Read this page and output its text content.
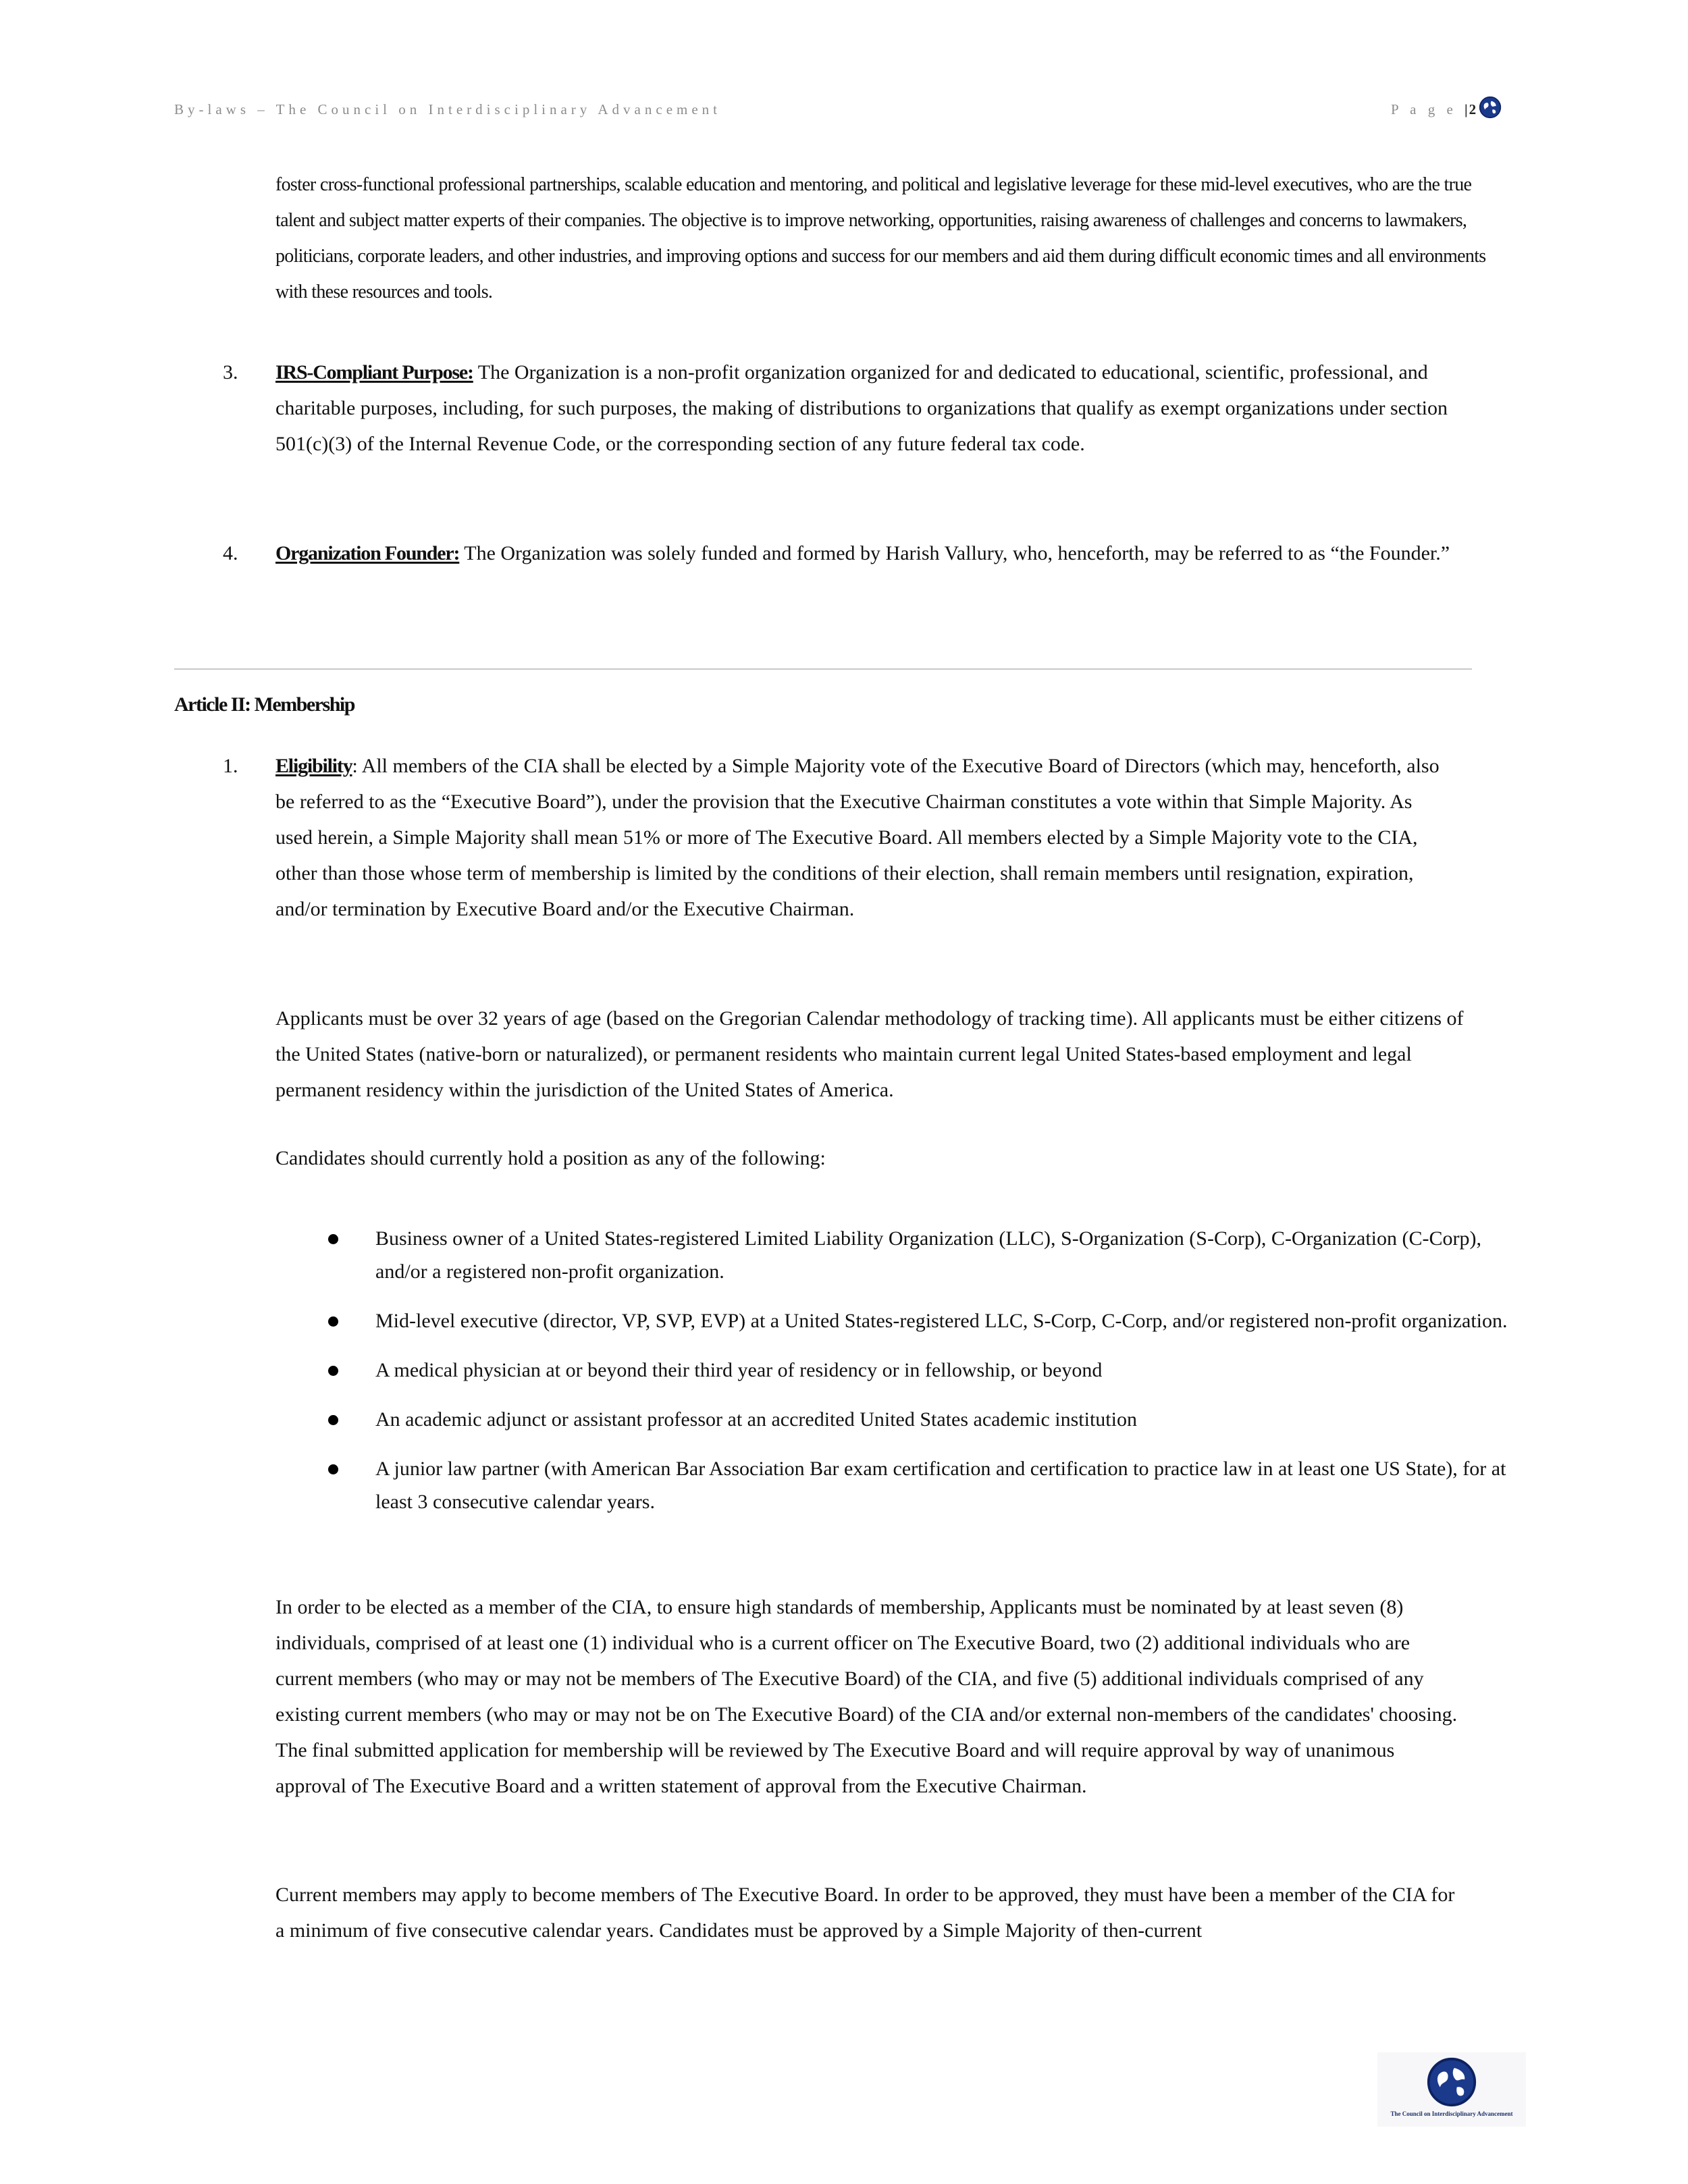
By-laws – The Council on Interdisciplinary Advancement	P a g e |2
foster cross-functional professional partnerships, scalable education and mentoring, and political and legislative leverage for these mid-level executives, who are the true talent and subject matter experts of their companies. The objective is to improve networking, opportunities, raising awareness of challenges and concerns to lawmakers, politicians, corporate leaders, and other industries, and improving options and success for our members and aid them during difficult economic times and all environments with these resources and tools.
3. IRS-Compliant Purpose: The Organization is a non-profit organization organized for and dedicated to educational, scientific, professional, and charitable purposes, including, for such purposes, the making of distributions to organizations that qualify as exempt organizations under section 501(c)(3) of the Internal Revenue Code, or the corresponding section of any future federal tax code.
4. Organization Founder: The Organization was solely funded and formed by Harish Vallury, who, henceforth, may be referred to as “the Founder.”
Article II: Membership
1. Eligibility: All members of the CIA shall be elected by a Simple Majority vote of the Executive Board of Directors (which may, henceforth, also be referred to as the “Executive Board”), under the provision that the Executive Chairman constitutes a vote within that Simple Majority. As used herein, a Simple Majority shall mean 51% or more of The Executive Board. All members elected by a Simple Majority vote to the CIA, other than those whose term of membership is limited by the conditions of their election, shall remain members until resignation, expiration, and/or termination by Executive Board and/or the Executive Chairman.
Applicants must be over 32 years of age (based on the Gregorian Calendar methodology of tracking time). All applicants must be either citizens of the United States (native-born or naturalized), or permanent residents who maintain current legal United States-based employment and legal permanent residency within the jurisdiction of the United States of America.
Candidates should currently hold a position as any of the following:
Business owner of a United States-registered Limited Liability Organization (LLC), S-Organization (S-Corp), C-Organization (C-Corp), and/or a registered non-profit organization.
Mid-level executive (director, VP, SVP, EVP) at a United States-registered LLC, S-Corp, C-Corp, and/or registered non-profit organization.
A medical physician at or beyond their third year of residency or in fellowship, or beyond
An academic adjunct or assistant professor at an accredited United States academic institution
A junior law partner (with American Bar Association Bar exam certification and certification to practice law in at least one US State), for at least 3 consecutive calendar years.
In order to be elected as a member of the CIA, to ensure high standards of membership, Applicants must be nominated by at least seven (8) individuals, comprised of at least one (1) individual who is a current officer on The Executive Board, two (2) additional individuals who are current members (who may or may not be members of The Executive Board) of the CIA, and five (5) additional individuals comprised of any existing current members (who may or may not be on The Executive Board) of the CIA and/or external non-members of the candidates' choosing. The final submitted application for membership will be reviewed by The Executive Board and will require approval by way of unanimous approval of The Executive Board and a written statement of approval from the Executive Chairman.
Current members may apply to become members of The Executive Board. In order to be approved, they must have been a member of the CIA for a minimum of five consecutive calendar years. Candidates must be approved by a Simple Majority of then-current
The Council on Interdisciplinary Advancement
